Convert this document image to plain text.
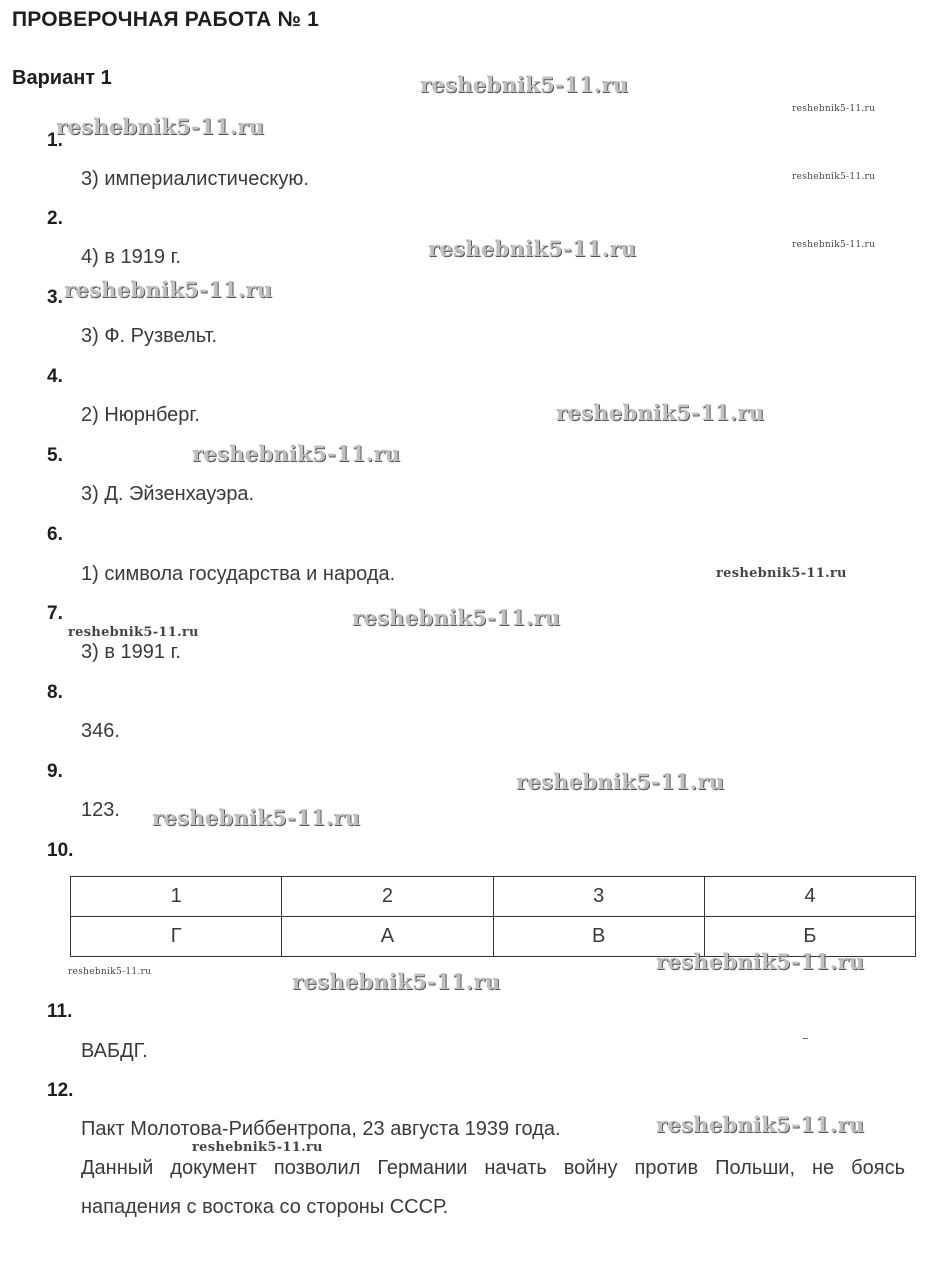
ПРОВЕРОЧНАЯ РАБОТА № 1
Вариант 1
1.
3) империалистическую.
2.
4) в 1919 г.
3.
3) Ф. Рузвельт.
4.
2) Нюрнберг.
5.
3) Д. Эйзенхауэра.
6.
1) символа государства и народа.
7.
3) в 1991 г.
8.
346.
9.
123.
10.
1	2	3	4
Г	А	В	Б
11.
ВАБДГ.
12.

Пакт Молотова-Риббентропа, 23 августа 1939 года.

Данный документ позволил Германии начать войну против Польши, не боясь нападения с востока со стороны СССР.

reshebnik5-11.ru
reshebnik5-11.ru
reshebnik5-11.ru
reshebnik5-11.ru
reshebnik5-11.ru
reshebnik5-11.ru
reshebnik5-11.ru
reshebnik5-11.ru
reshebnik5-11.ru
reshebnik5-11.ru
reshebnik5-11.ru
reshebnik5-11.ru
reshebnik5-11.ru
reshebnik5-11.ru
reshebnik5-11.ru
reshebnik5-11.ru	reshebnik5-11.ru
reshebnik5-11.ru
reshebnik5-11.ru
